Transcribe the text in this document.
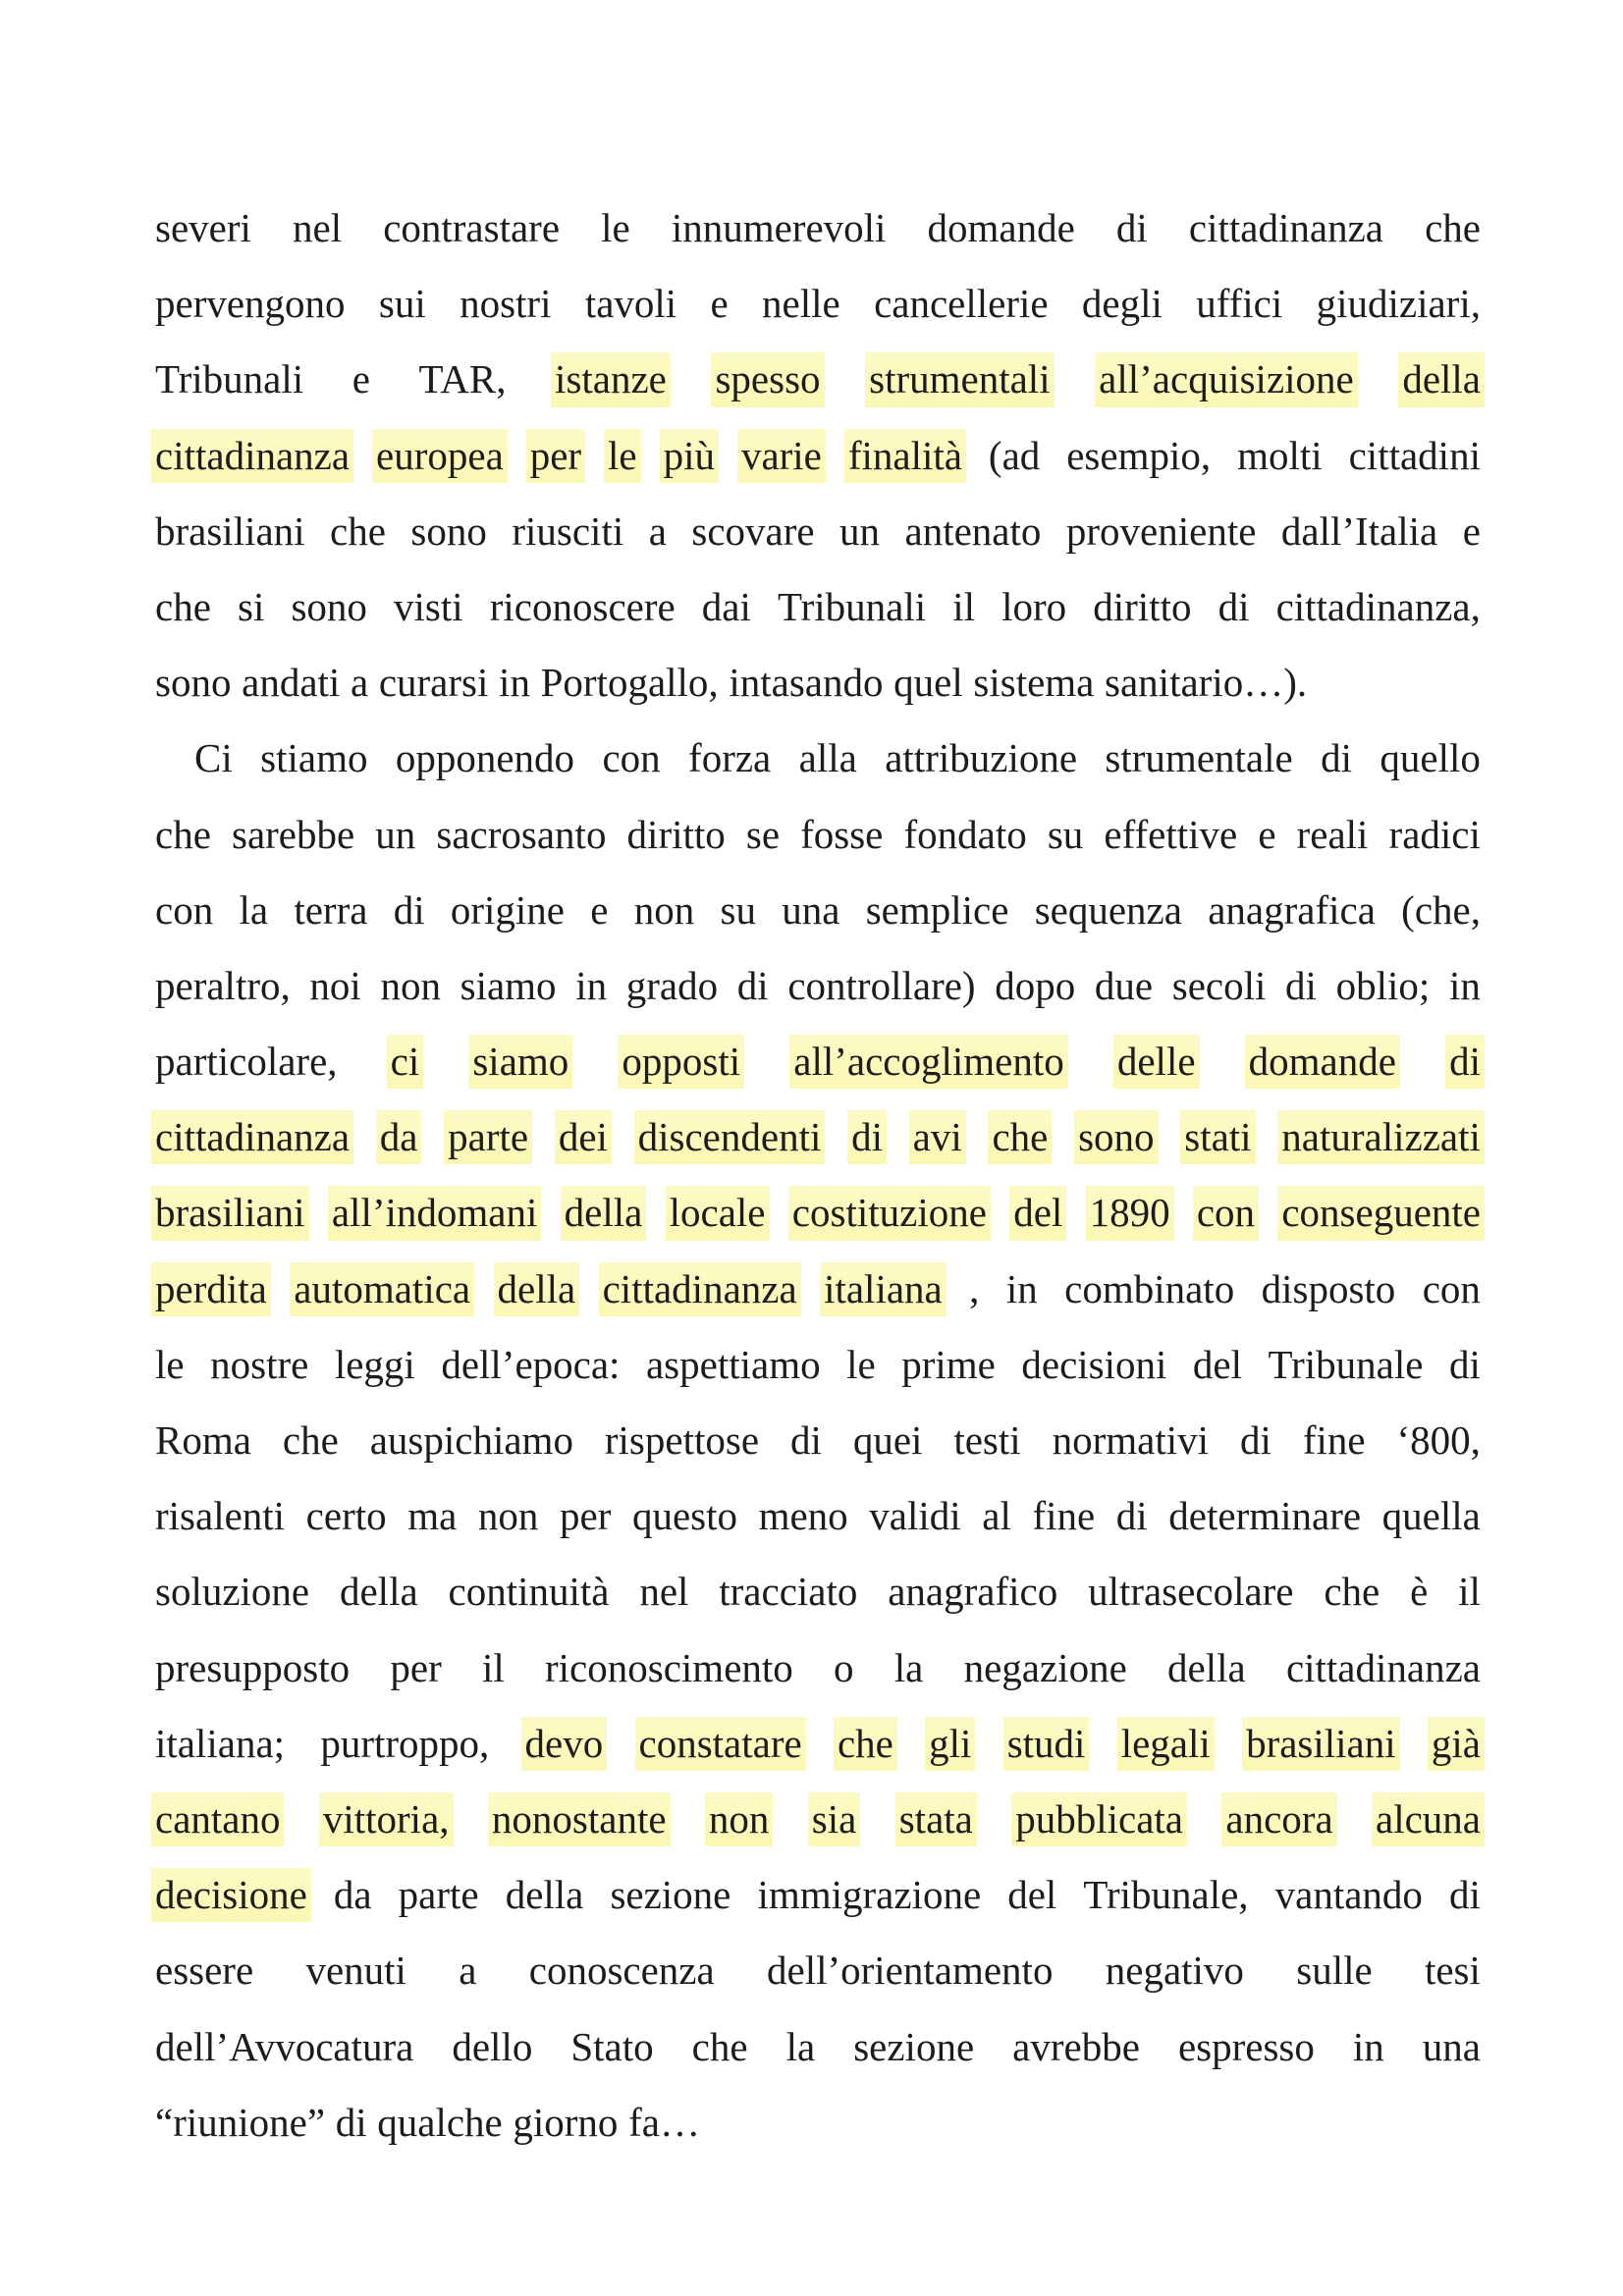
severi nel contrastare le innumerevoli domande di cittadinanza che
pervengono sui nostri tavoli e nelle cancellerie degli uffici giudiziari,
Tribunali e TAR, istanze spesso strumentali all’acquisizione della
cittadinanza europea per le più varie finalità (ad esempio, molti cittadini
brasiliani che sono riusciti a scovare un antenato proveniente dall’Italia e
che si sono visti riconoscere dai Tribunali il loro diritto di cittadinanza,
sono andati a curarsi in Portogallo, intasando quel sistema sanitario…).
Ci stiamo opponendo con forza alla attribuzione strumentale di quello
che sarebbe un sacrosanto diritto se fosse fondato su effettive e reali radici
con la terra di origine e non su una semplice sequenza anagrafica (che,
peraltro, noi non siamo in grado di controllare) dopo due secoli di oblio; in
particolare, ci siamo opposti all’accoglimento delle domande di
cittadinanza da parte dei discendenti di avi che sono stati naturalizzati
brasiliani all’indomani della locale costituzione del 1890 con conseguente
perdita automatica della cittadinanza italiana , in combinato disposto con
le nostre leggi dell’epoca: aspettiamo le prime decisioni del Tribunale di
Roma che auspichiamo rispettose di quei testi normativi di fine ‘800,
risalenti certo ma non per questo meno validi al fine di determinare quella
soluzione della continuità nel tracciato anagrafico ultrasecolare che è il
presupposto per il riconoscimento o la negazione della cittadinanza
italiana; purtroppo, devo constatare che gli studi legali brasiliani già
cantano vittoria, nonostante non sia stata pubblicata ancora alcuna
decisione da parte della sezione immigrazione del Tribunale, vantando di
essere venuti a conoscenza dell’orientamento negativo sulle tesi
dell’Avvocatura dello Stato che la sezione avrebbe espresso in una
“riunione” di qualche giorno fa…
